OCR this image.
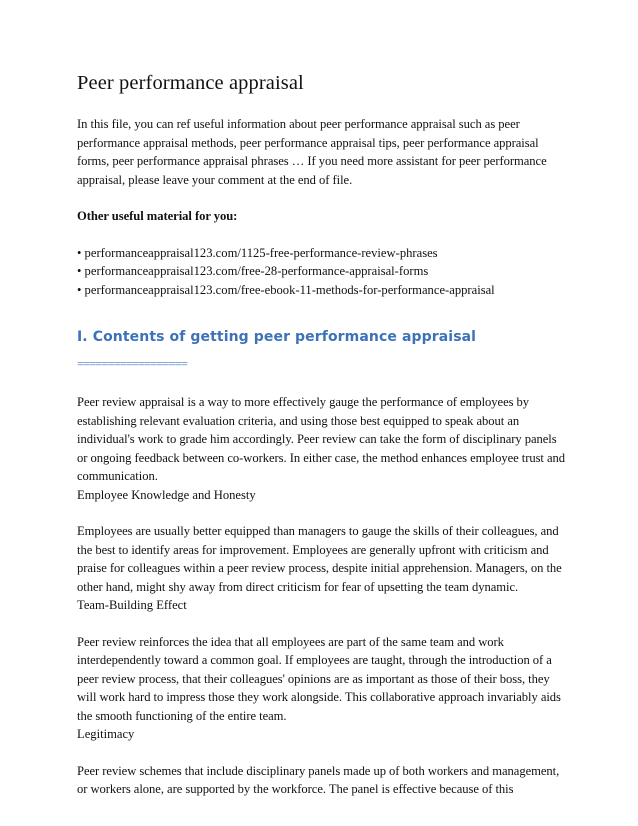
Peer performance appraisal

In this file, you can ref useful information about peer performance appraisal such as peer performance appraisal methods, peer performance appraisal tips, peer performance appraisal forms, peer performance appraisal phrases … If you need more assistant for peer performance appraisal, please leave your comment at the end of file.

Other useful material for you:

• performanceappraisal123.com/1125-free-performance-review-phrases
• performanceappraisal123.com/free-28-performance-appraisal-forms
• performanceappraisal123.com/free-ebook-11-methods-for-performance-appraisal
I. Contents of getting peer performance appraisal
==================

Peer review appraisal is a way to more effectively gauge the performance of employees by establishing relevant evaluation criteria, and using those best equipped to speak about an individual's work to grade him accordingly. Peer review can take the form of disciplinary panels or ongoing feedback between co-workers. In either case, the method enhances employee trust and communication.

Employee Knowledge and Honesty

Employees are usually better equipped than managers to gauge the skills of their colleagues, and the best to identify areas for improvement. Employees are generally upfront with criticism and praise for colleagues within a peer review process, despite initial apprehension. Managers, on the other hand, might shy away from direct criticism for fear of upsetting the team dynamic.

Team-Building Effect

Peer review reinforces the idea that all employees are part of the same team and work interdependently toward a common goal. If employees are taught, through the introduction of a peer review process, that their colleagues' opinions are as important as those of their boss, they will work hard to impress those they work alongside. This collaborative approach invariably aids the smooth functioning of the entire team.

Legitimacy

Peer review schemes that include disciplinary panels made up of both workers and management, or workers alone, are supported by the workforce. The panel is effective because of this
